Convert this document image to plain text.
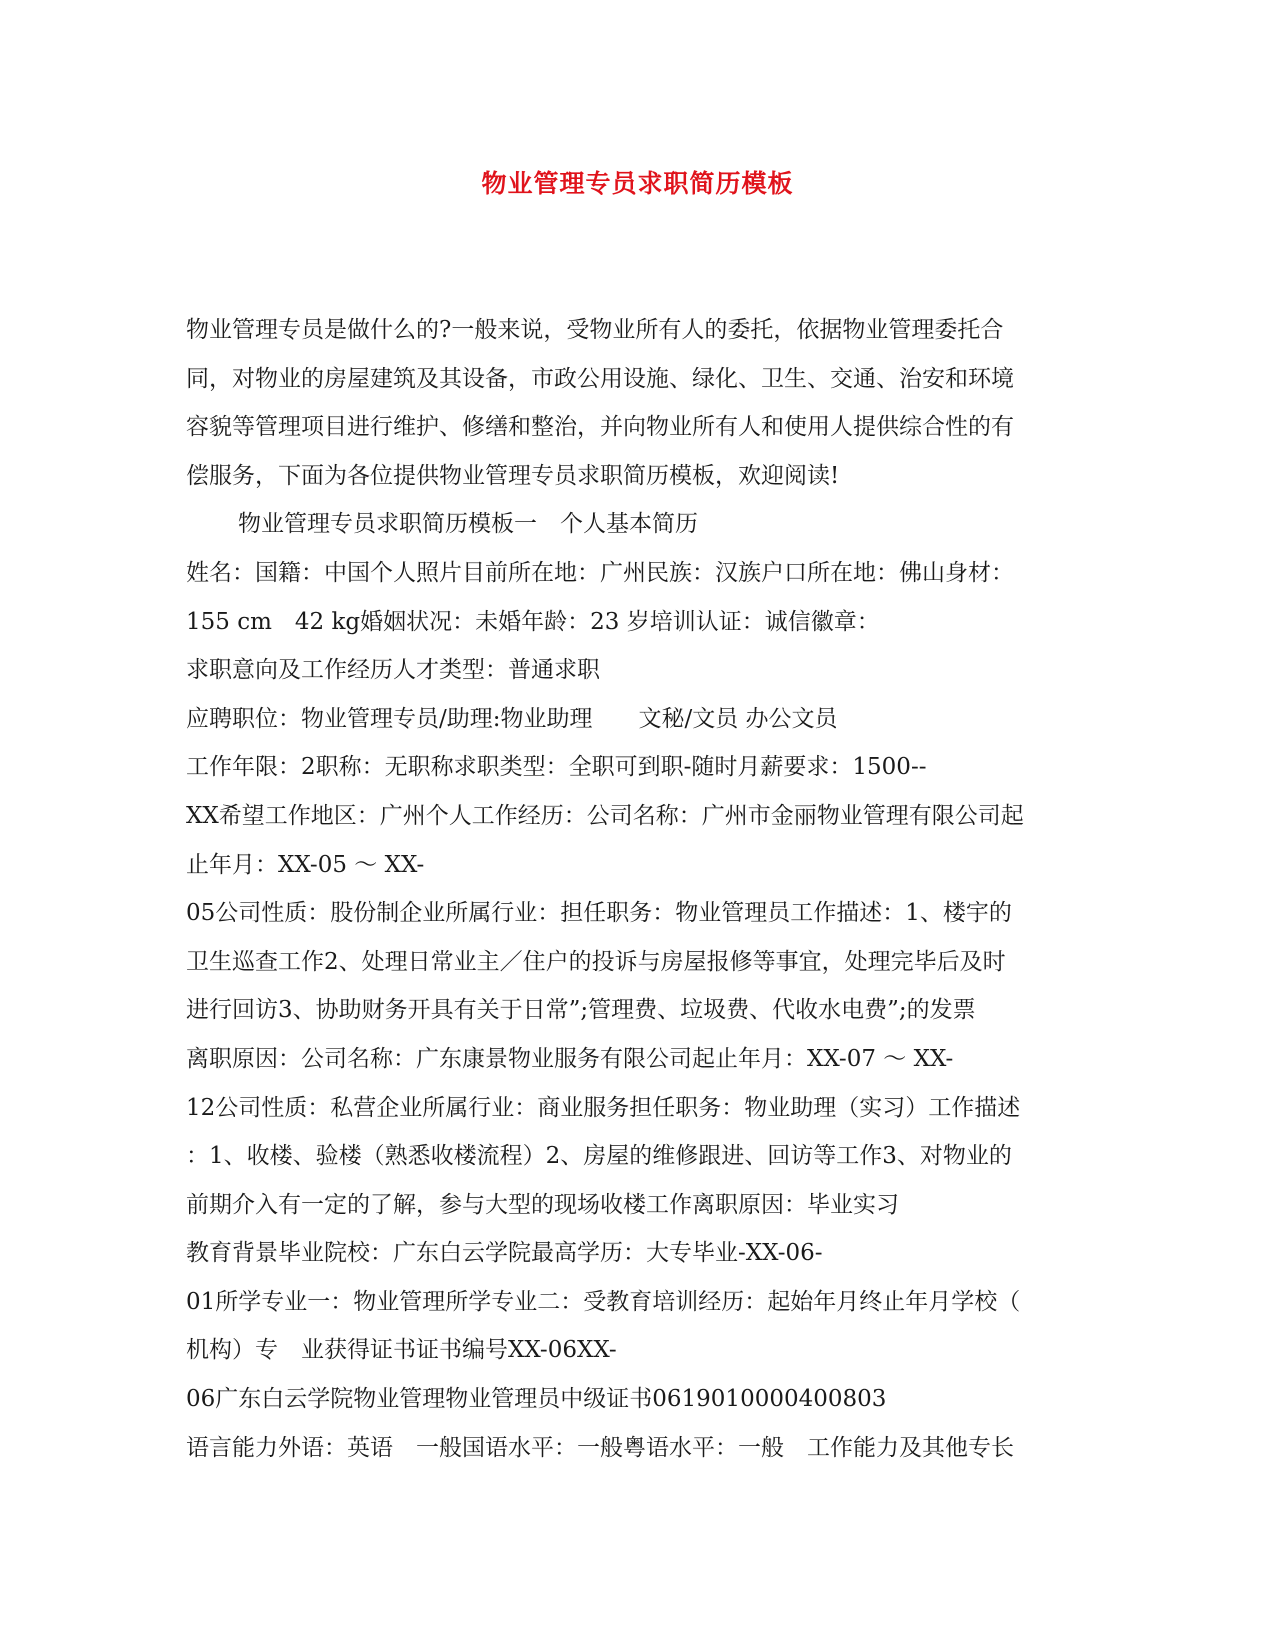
物业管理专员求职简历模板
物业管理专员是做什么的?一般来说，受物业所有人的委托，依据物业管理委托合
同，对物业的房屋建筑及其设备，市政公用设施、绿化、卫生、交通、治安和环境
容貌等管理项目进行维护、修缮和整治，并向物业所有人和使用人提供综合性的有
偿服务，下面为各位提供物业管理专员求职简历模板，欢迎阅读!
物业管理专员求职简历模板一　个人基本简历
姓名：国籍：中国个人照片目前所在地：广州民族：汉族户口所在地：佛山身材：
155 cm　42 kg婚姻状况：未婚年龄：23 岁培训认证：诚信徽章：
求职意向及工作经历人才类型：普通求职
应聘职位：物业管理专员/助理:物业助理　　文秘/文员 办公文员
工作年限：2职称：无职称求职类型：全职可到职-随时月薪要求：1500--
XX希望工作地区：广州个人工作经历：公司名称：广州市金丽物业管理有限公司起
止年月：XX-05 ～ XX-
05公司性质：股份制企业所属行业：担任职务：物业管理员工作描述：1、楼宇的
卫生巡查工作2、处理日常业主／住户的投诉与房屋报修等事宜，处理完毕后及时
进行回访3、协助财务开具有关于日常”;管理费、垃圾费、代收水电费”;的发票
离职原因：公司名称：广东康景物业服务有限公司起止年月：XX-07 ～ XX-
12公司性质：私营企业所属行业：商业服务担任职务：物业助理（实习）工作描述
：1、收楼、验楼（熟悉收楼流程）2、房屋的维修跟进、回访等工作3、对物业的
前期介入有一定的了解，参与大型的现场收楼工作离职原因：毕业实习
教育背景毕业院校：广东白云学院最高学历：大专毕业-XX-06-
01所学专业一：物业管理所学专业二：受教育培训经历：起始年月终止年月学校（
机构）专　业获得证书证书编号XX-06XX-
06广东白云学院物业管理物业管理员中级证书0619010000400803
语言能力外语：英语　一般国语水平：一般粤语水平：一般　工作能力及其他专长
